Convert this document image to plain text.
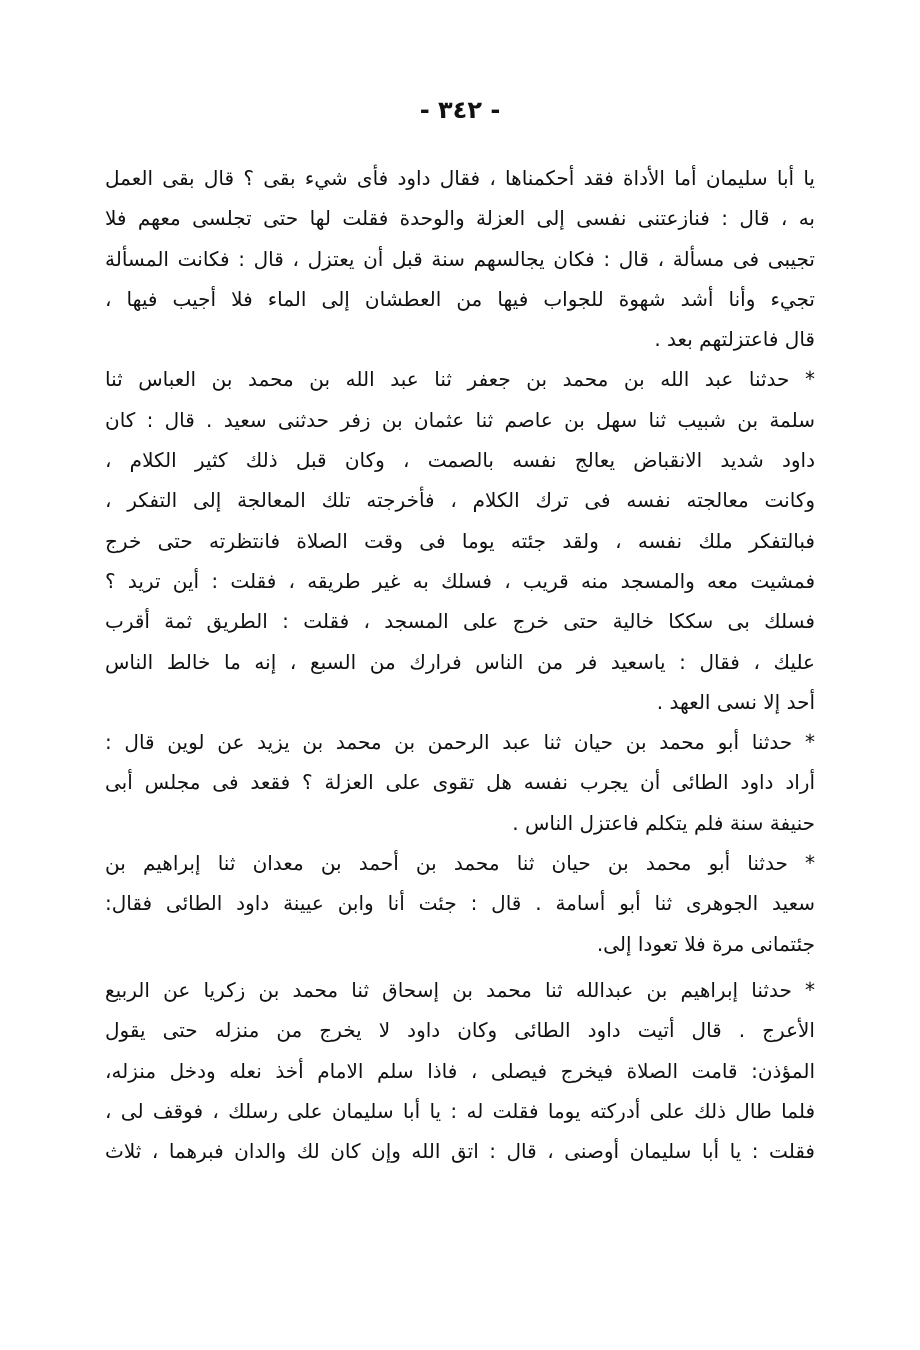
- ٣٤٢ -
يا أبا سليمان أما الأداة فقد أحكمناها ، فقال داود فأى شيء بقى ؟ قال بقى العمل
به ، قال : فنازعتنى نفسى إلى العزلة والوحدة فقلت لها حتى تجلسى معهم فلا
تجيبى فى مسألة ، قال : فكان يجالسهم سنة قبل أن يعتزل ، قال : فكانت المسألة
تجيء وأنا أشد شهوة للجواب فيها من العطشان إلى الماء فلا أجيب فيها ،
قال فاعتزلتهم بعد .
* حدثنا عبد الله بن محمد بن جعفر ثنا عبد الله بن محمد بن العباس ثنا
سلمة بن شبيب ثنا سهل بن عاصم ثنا عثمان بن زفر حدثنى سعيد . قال : كان
داود شديد الانقباض يعالج نفسه بالصمت ، وكان قبل ذلك كثير الكلام ،
وكانت معالجته نفسه فى ترك الكلام ، فأخرجته تلك المعالجة إلى التفكر ،
فبالتفكر ملك نفسه ، ولقد جئته يوما فى وقت الصلاة فانتظرته حتى خرج
فمشيت معه والمسجد منه قريب ، فسلك به غير طريقه ، فقلت : أين تريد ؟
فسلك بى سككا خالية حتى خرج على المسجد ، فقلت : الطريق ثمة أقرب
عليك ، فقال : ياسعيد فر من الناس فرارك من السبع ، إنه ما خالط الناس
أحد إلا نسى العهد .
* حدثنا أبو محمد بن حيان ثنا عبد الرحمن بن محمد بن يزيد عن لوين قال :
أراد داود الطائى أن يجرب نفسه هل تقوى على العزلة ؟ فقعد فى مجلس أبى
حنيفة سنة فلم يتكلم فاعتزل الناس .
* حدثنا أبو محمد بن حيان ثنا محمد بن أحمد بن معدان ثنا إبراهيم بن
سعيد الجوهرى ثنا أبو أسامة . قال : جئت أنا وابن عيينة داود الطائى فقال:
جئتمانى مرة فلا تعودا إلى.
* حدثنا إبراهيم بن عبدالله ثنا محمد بن إسحاق ثنا محمد بن زكريا عن الربيع
الأعرج . قال أتيت داود الطائى وكان داود لا يخرج من منزله حتى يقول
المؤذن: قامت الصلاة فيخرج فيصلى ، فاذا سلم الامام أخذ نعله ودخل منزله،
فلما طال ذلك على أدركته يوما فقلت له : يا أبا سليمان على رسلك ، فوقف لى ،
فقلت : يا أبا سليمان أوصنى ، قال : اتق الله وإن كان لك والدان فبرهما ، ثلاث
